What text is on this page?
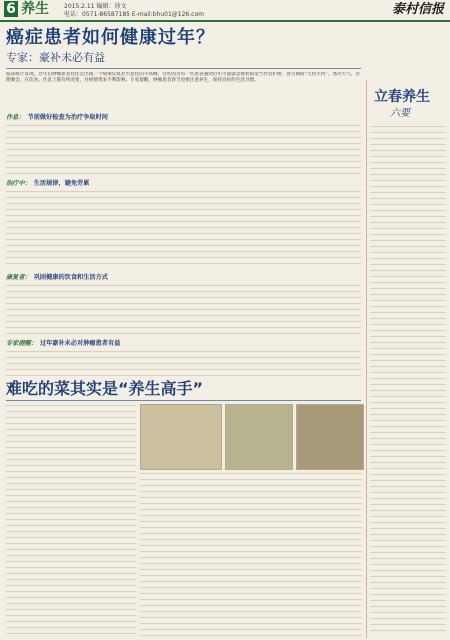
6 养生	2015.2.11 编辑：徐文
电话：0571-86587185 E-mail:bhu01@126.com	泰村信报
癌症患者如何健康过年？
专家：豪补未必有益
临床统计发现，过年后肿瘤患者往往会出现一个病情反复甚至恶化的小高峰。这些因为有一些患者遇到过年可能就忽视看很适当作息护理，春节期间“大鱼大肉”，寒冷天气，亲朋聚会，在饮食、作息上都有所改变，对病情带来不利影响。专家提醒，肿瘤患者春节也要注意养生，保持良好的生活习惯。
作息： 节前做好检查为治疗争取时间
治疗中： 生活规律，避免劳累
康复者： 巩固健康的饮食和生活方式
专家提醒： 过年豪补未必对肿瘤患者有益
难吃的菜其实是“养生高手”
立春养生
六要
